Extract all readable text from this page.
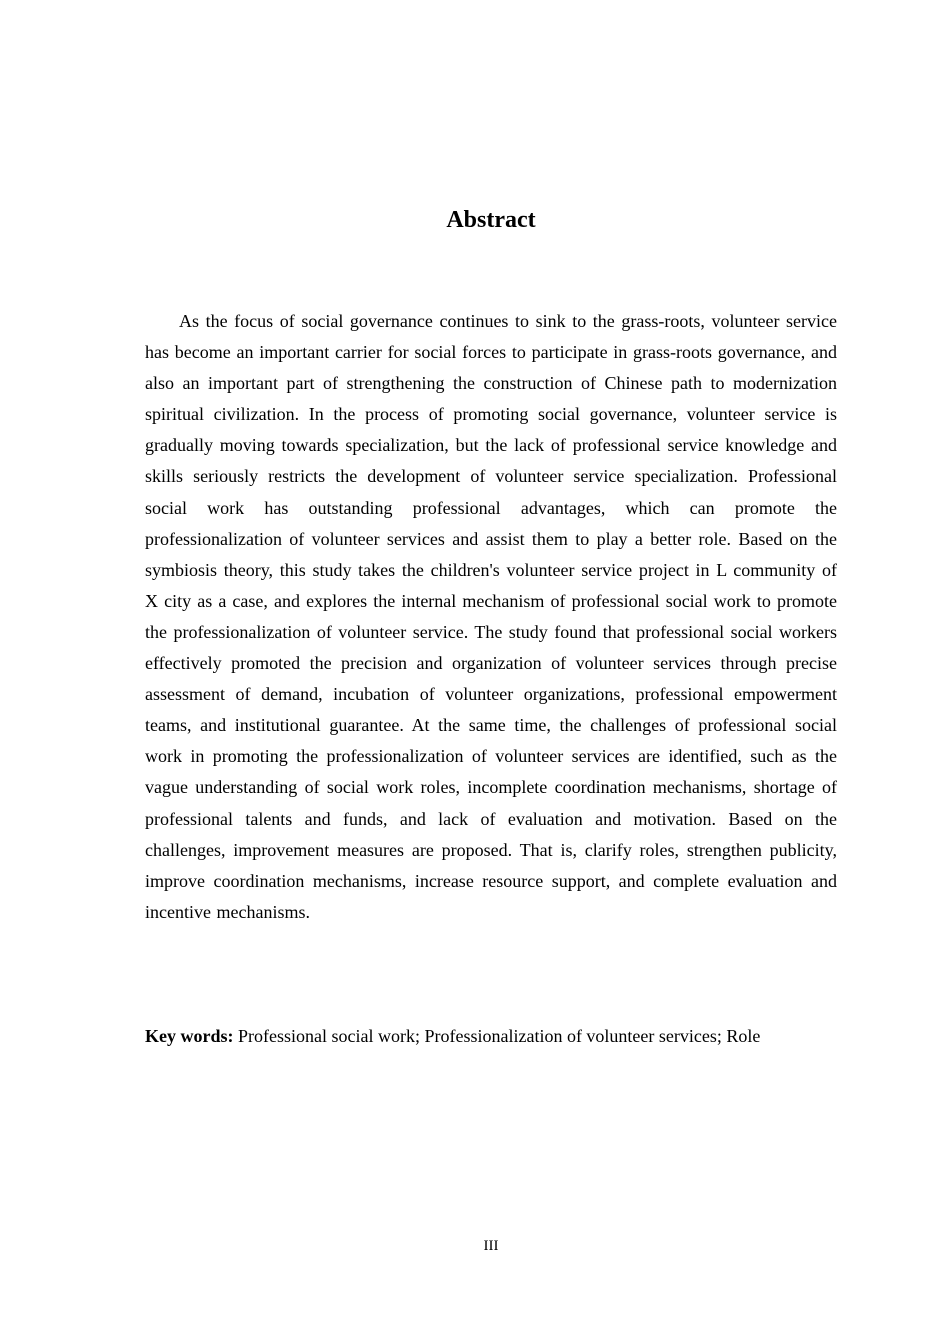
Abstract

As the focus of social governance continues to sink to the grass-roots, volunteer service has become an important carrier for social forces to participate in grass-roots governance, and also an important part of strengthening the construction of Chinese path to modernization spiritual civilization. In the process of promoting social governance, volunteer service is gradually moving towards specialization, but the lack of professional service knowledge and skills seriously restricts the development of volunteer service specialization. Professional social work has outstanding professional advantages, which can promote the professionalization of volunteer services and assist them to play a better role. Based on the symbiosis theory, this study takes the children's volunteer service project in L community of X city as a case, and explores the internal mechanism of professional social work to promote the professionalization of volunteer service. The study found that professional social workers effectively promoted the precision and organization of volunteer services through precise assessment of demand, incubation of volunteer organizations, professional empowerment teams, and institutional guarantee. At the same time, the challenges of professional social work in promoting the professionalization of volunteer services are identified, such as the vague understanding of social work roles, incomplete coordination mechanisms, shortage of professional talents and funds, and lack of evaluation and motivation. Based on the challenges, improvement measures are proposed. That is, clarify roles, strengthen publicity, improve coordination mechanisms, increase resource support, and complete evaluation and incentive mechanisms.

Key words: Professional social work; Professionalization of volunteer services; Role

III
